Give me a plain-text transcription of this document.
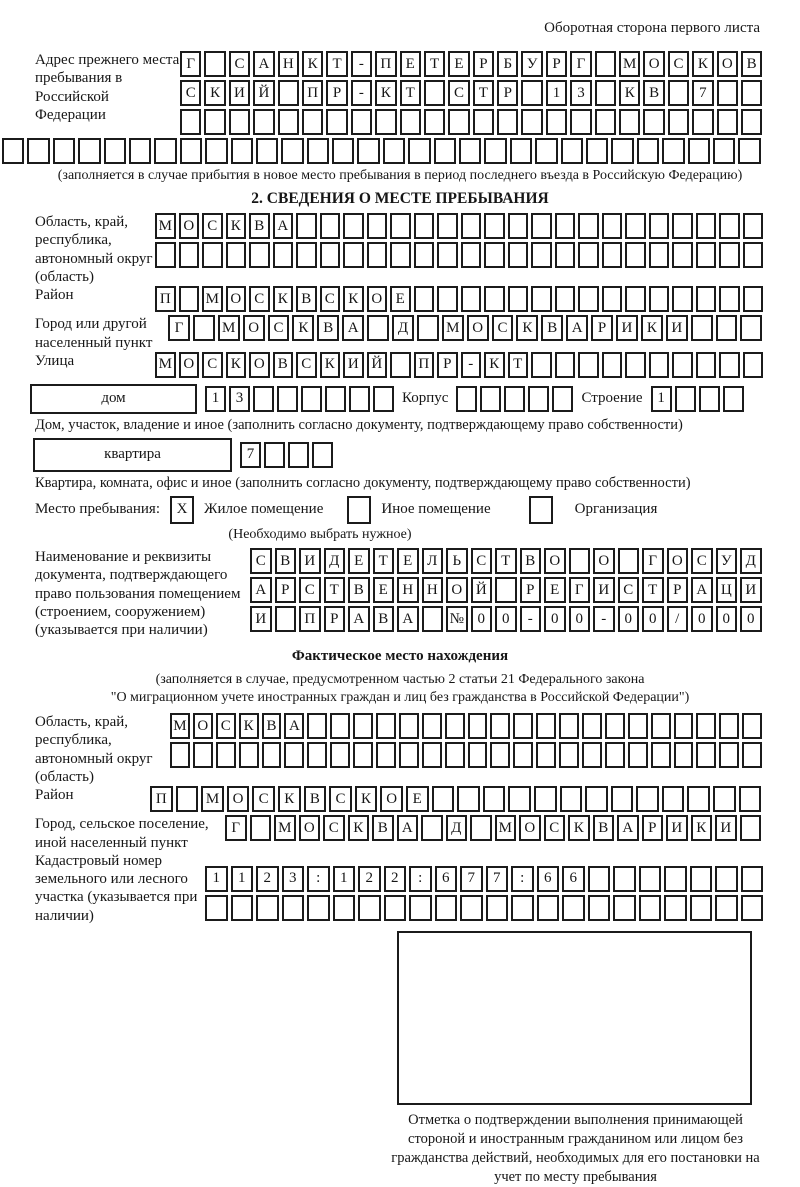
Оборотная сторона первого листа
Адрес прежнего места пребывания в Российской Федерации
Г	С А Н К Т	-	П Е	Т	Е	Р	Б У Р	Г	М О С К О В
С К И Й	П Р	-	К Т	С Т	Р	1	3	К В	7
(заполняется в случае прибытия в новое место пребывания в период последнего въезда в Российскую Федерацию)
2. СВЕДЕНИЯ О МЕСТЕ ПРЕБЫВАНИЯ
Область, край, республика, автономный округ (область)
М О С К В А
Район	П	М О С К В С К О Е
Город или другой населенный пункт
Г	М О С К В А	Д	М О С К В А	Р	И К И
Улица	М О С К О В С К И Й	П Р	-	К Т
дом	1	3	Корпус	Строение 1
Дом, участок, владение и иное (заполнить согласно документу, подтверждающему право собственности)
квартира	7
Квартира, комната, офис и иное (заполнить согласно документу, подтверждающему право собственности)
Место пребывания:	X	Жилое помещение	Иное помещение	Организация
(Необходимо выбрать нужное)
Наименование и реквизиты документа, подтверждающего право пользования помещением (строением, сооружением) (указывается при наличии)
С В И Д Е	Т	Е Л	Ь	С Т В О	О	Г О С У Д
А Р	С Т В Е Н Н О Й	Р	Е	Г И С Т	Р А Ц И
И	П Р А В А	№ 0	0	-	0	0	-	0	0	/	0	0	0
Фактическое место нахождения
(заполняется в случае, предусмотренном частью 2 статьи 21 Федерального закона
"О миграционном учете иностранных граждан и лиц без гражданства в Российской Федерации")
Область, край, республика, автономный округ (область)
М О С К В А
Район	П	М О	С	К	В	С	К	О	Е
Город, сельское поселение, иной населенный пункт
Г	М О С К В А	Д	М О С К В А Р И К И
Кадастровый номер земельного или лесного участка (указывается при наличии)
1	1	2	3	:	1	2	2	:	6	7	7	:	6	6
Отметка о подтверждении выполнения принимающей стороной и иностранным гражданином или лицом без гражданства действий, необходимых для его постановки на учет по месту пребывания
